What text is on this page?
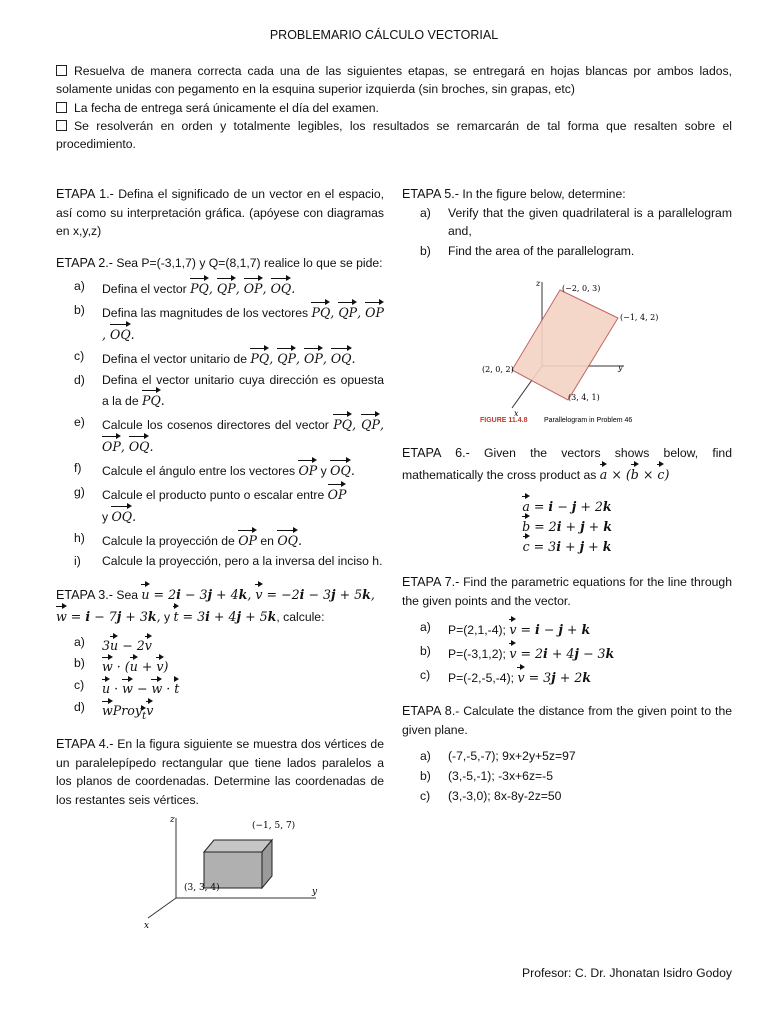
PROBLEMARIO CÁLCULO VECTORIAL

Resuelva de manera correcta cada una de las siguientes etapas, se entregará en hojas blancas por ambos lados, solamente unidas con pegamento en la esquina superior izquierda (sin broches, sin grapas, etc)

La fecha de entrega será únicamente el día del examen.

Se resolverán en orden y totalmente legibles, los resultados se remarcarán de tal forma que resalten sobre el procedimiento.

ETAPA 1.- Defina el significado de un vector en el espacio, así como su interpretación gráfica. (apóyese con diagramas en x,y,z)
ETAPA 2.- Sea P=(-3,1,7) y Q=(8,1,7) realice lo que se pide:
a) Defina el vector PQ, QP, OP, OQ.
b) Defina las magnitudes de los vectores PQ, QP, OP, OQ.
c) Defina el vector unitario de PQ, QP, OP, OQ.
d) Defina el vector unitario cuya dirección es opuesta a la de PQ.
e) Calcule los cosenos directores del vector PQ, QP, OP, OQ.
f) Calcule el ángulo entre los vectores OP y OQ.
g) Calcule el producto punto o escalar entre OP
y OQ.
h) Calcule la proyección de OP en OQ.
i) Calcule la proyección, pero a la inversa del inciso h.
ETAPA 3.- Sea u = 2i − 3j + 4k, v = −2i − 3j + 5k,
w = i − 7j + 3k, y t = 3i + 4j + 5k, calcule:
a) 3u − 2v
b) w · (u + v)
c) u · w − w · t
d) wProy$_t$v
ETAPA 4.- En la figura siguiente se muestra dos vértices de un paralelepípedo rectangular que tiene lados paralelos a los planos de coordenadas. Determine las coordenadas de los restantes seis vértices.
z
y
x
(−1, 5, 7)
(3, 3, 4)
ETAPA 5.- In the figure below, determine:
a) Verify that the given quadrilateral is a parallelogram and,
b) Find the area of the parallelogram.
z
y
x
(−2, 0, 3)
(−1, 4, 2)
(2, 0, 2)
(3, 4, 1)
FIGURE 11.4.8 Parallelogram in Problem 46
ETAPA 6.- Given the vectors shows below, find mathematically the cross product as a × (b × c)

a = i − j + 2k

b = 2i + j + k

c = 3i + j + k

ETAPA 7.- Find the parametric equations for the line through the given points and the vector.
a) P=(2,1,-4); v = i − j + k
b) P=(-3,1,2); v = 2i + 4j − 3k
c) P=(-2,-5,-4); v = 3j + 2k
ETAPA 8.- Calculate the distance from the given point to the given plane.
a) (-7,-5,-7); 9x+2y+5z=97
b) (3,-5,-1); -3x+6z=-5
c) (3,-3,0); 8x-8y-2z=50
Profesor: C. Dr. Jhonatan Isidro Godoy
